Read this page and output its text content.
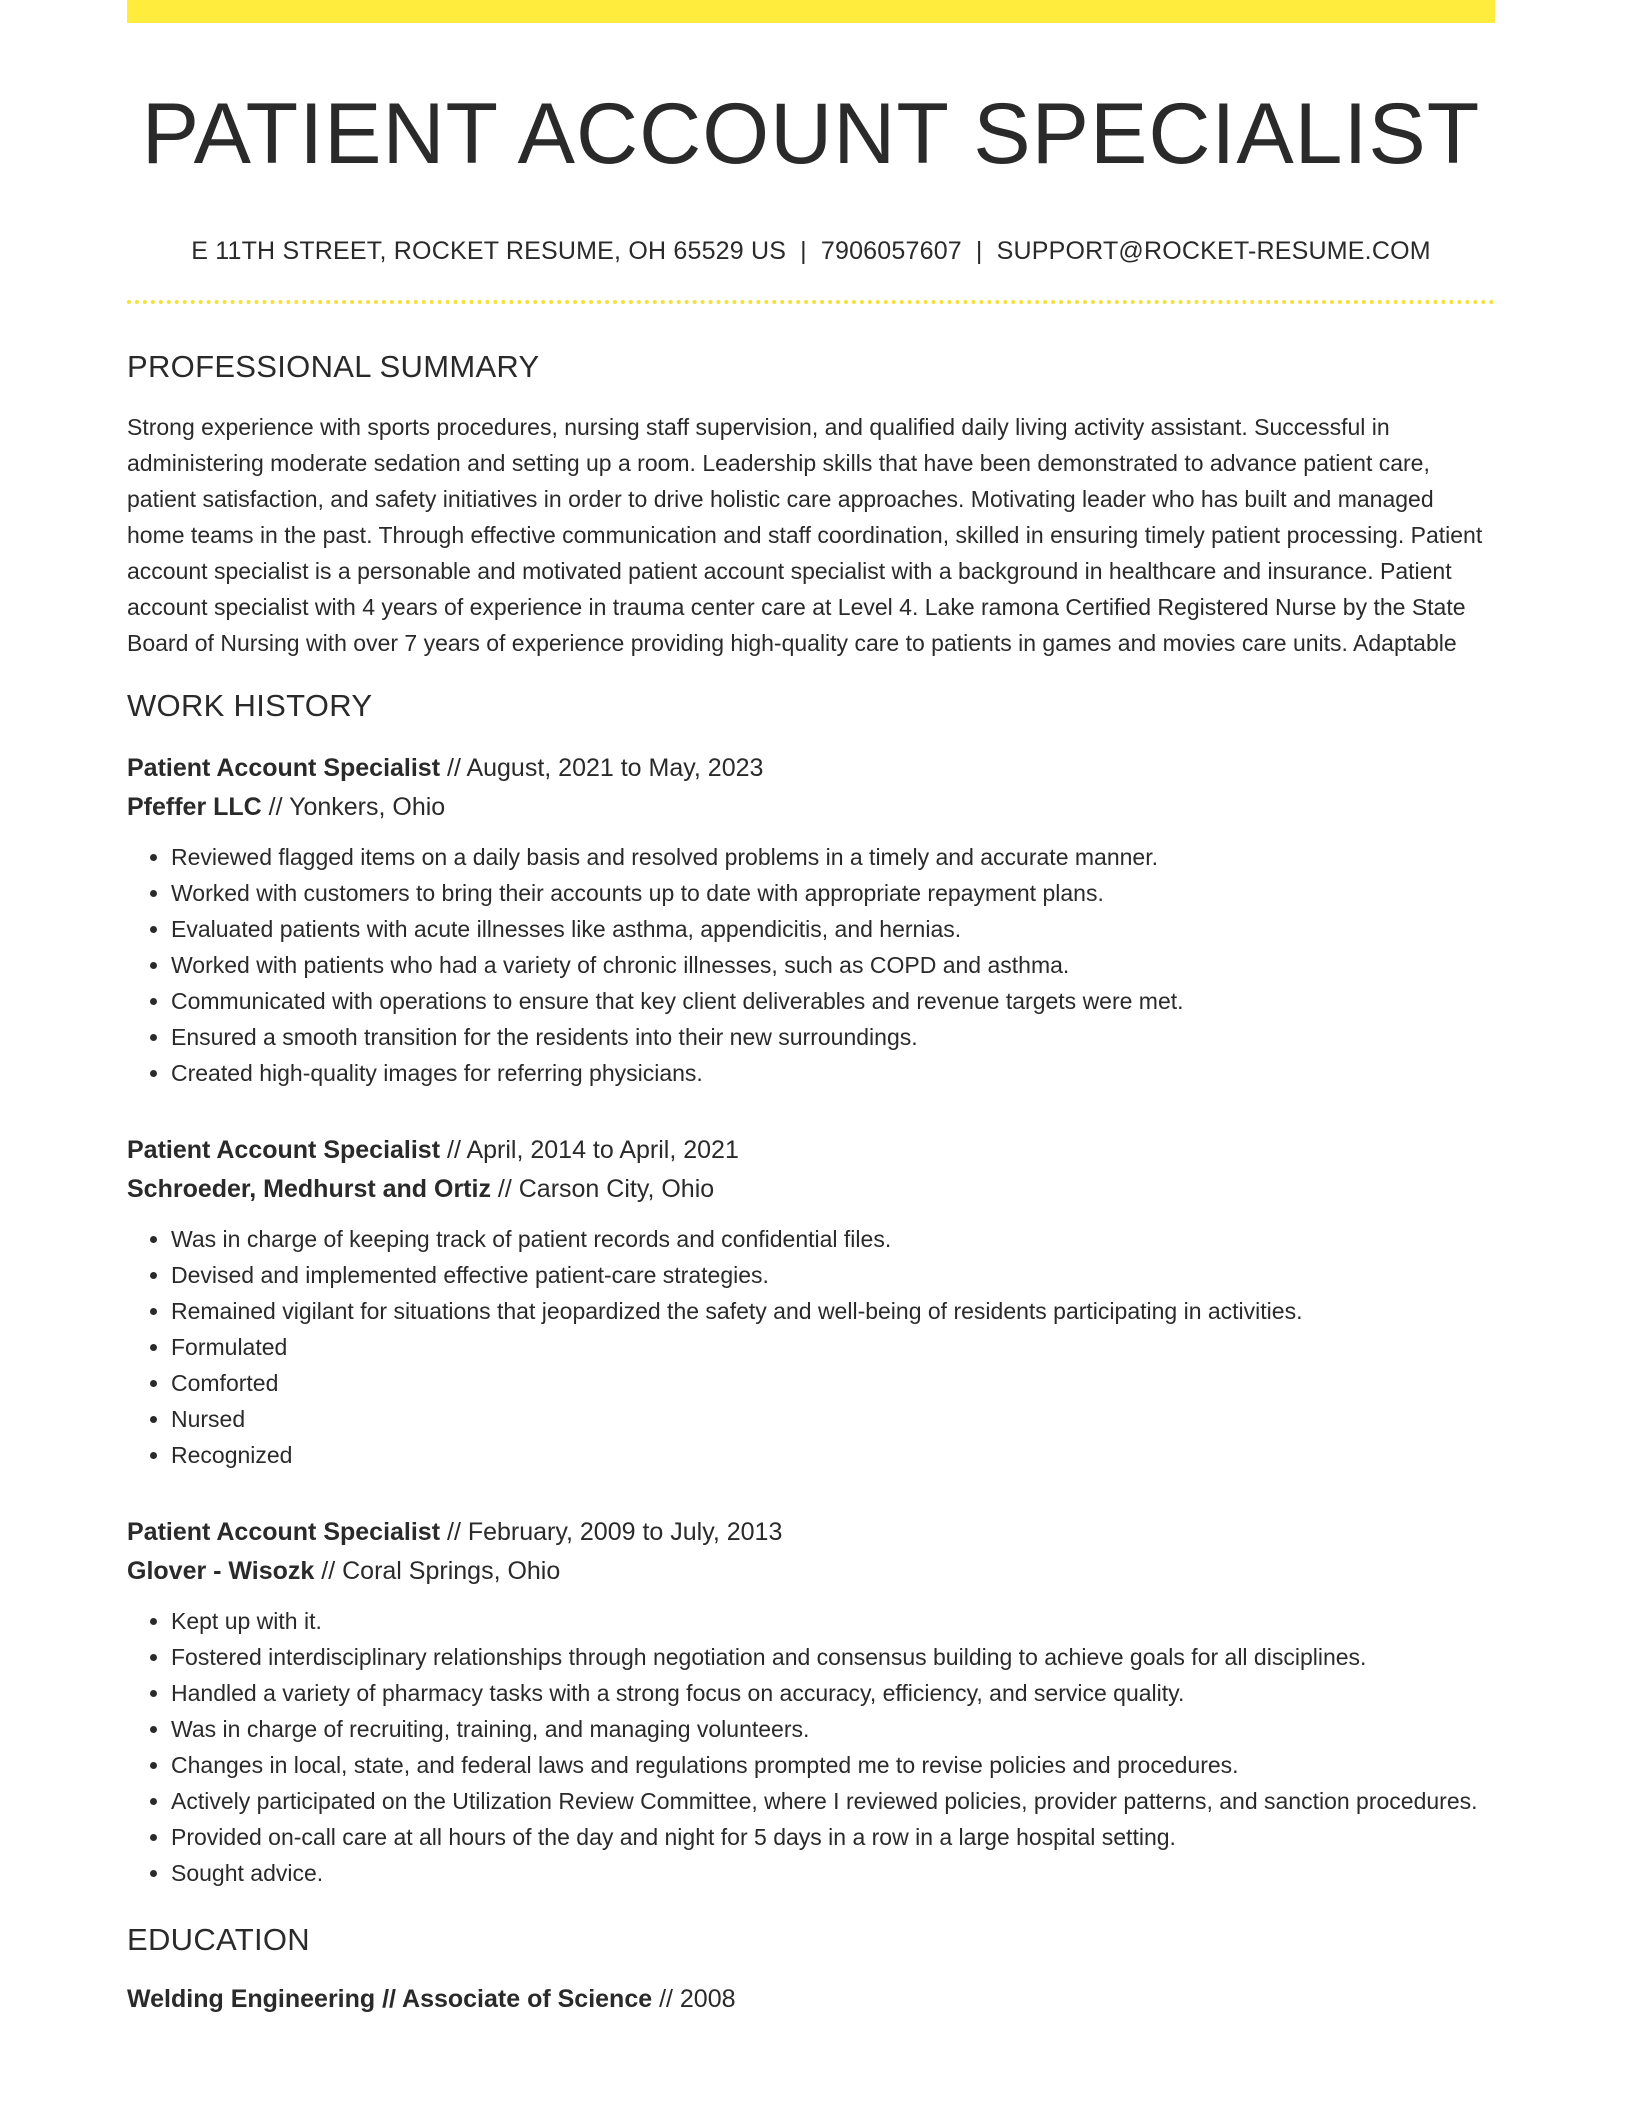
PATIENT ACCOUNT SPECIALIST
E 11TH STREET, ROCKET RESUME, OH 65529 US | 7906057607 | SUPPORT@ROCKET-RESUME.COM
PROFESSIONAL SUMMARY
Strong experience with sports procedures, nursing staff supervision, and qualified daily living activity assistant. Successful in administering moderate sedation and setting up a room. Leadership skills that have been demonstrated to advance patient care, patient satisfaction, and safety initiatives in order to drive holistic care approaches. Motivating leader who has built and managed home teams in the past. Through effective communication and staff coordination, skilled in ensuring timely patient processing. Patient account specialist is a personable and motivated patient account specialist with a background in healthcare and insurance. Patient account specialist with 4 years of experience in trauma center care at Level 4. Lake ramona Certified Registered Nurse by the State Board of Nursing with over 7 years of experience providing high-quality care to patients in games and movies care units. Adaptable
WORK HISTORY
Patient Account Specialist // August, 2021 to May, 2023
Pfeffer LLC // Yonkers, Ohio
• Reviewed flagged items on a daily basis and resolved problems in a timely and accurate manner.
• Worked with customers to bring their accounts up to date with appropriate repayment plans.
• Evaluated patients with acute illnesses like asthma, appendicitis, and hernias.
• Worked with patients who had a variety of chronic illnesses, such as COPD and asthma.
• Communicated with operations to ensure that key client deliverables and revenue targets were met.
• Ensured a smooth transition for the residents into their new surroundings.
• Created high-quality images for referring physicians.
Patient Account Specialist // April, 2014 to April, 2021
Schroeder, Medhurst and Ortiz // Carson City, Ohio
• Was in charge of keeping track of patient records and confidential files.
• Devised and implemented effective patient-care strategies.
• Remained vigilant for situations that jeopardized the safety and well-being of residents participating in activities.
• Formulated
• Comforted
• Nursed
• Recognized
Patient Account Specialist // February, 2009 to July, 2013
Glover - Wisozk // Coral Springs, Ohio
• Kept up with it.
• Fostered interdisciplinary relationships through negotiation and consensus building to achieve goals for all disciplines.
• Handled a variety of pharmacy tasks with a strong focus on accuracy, efficiency, and service quality.
• Was in charge of recruiting, training, and managing volunteers.
• Changes in local, state, and federal laws and regulations prompted me to revise policies and procedures.
• Actively participated on the Utilization Review Committee, where I reviewed policies, provider patterns, and sanction procedures.
• Provided on-call care at all hours of the day and night for 5 days in a row in a large hospital setting.
• Sought advice.
EDUCATION
Welding Engineering // Associate of Science // 2008
